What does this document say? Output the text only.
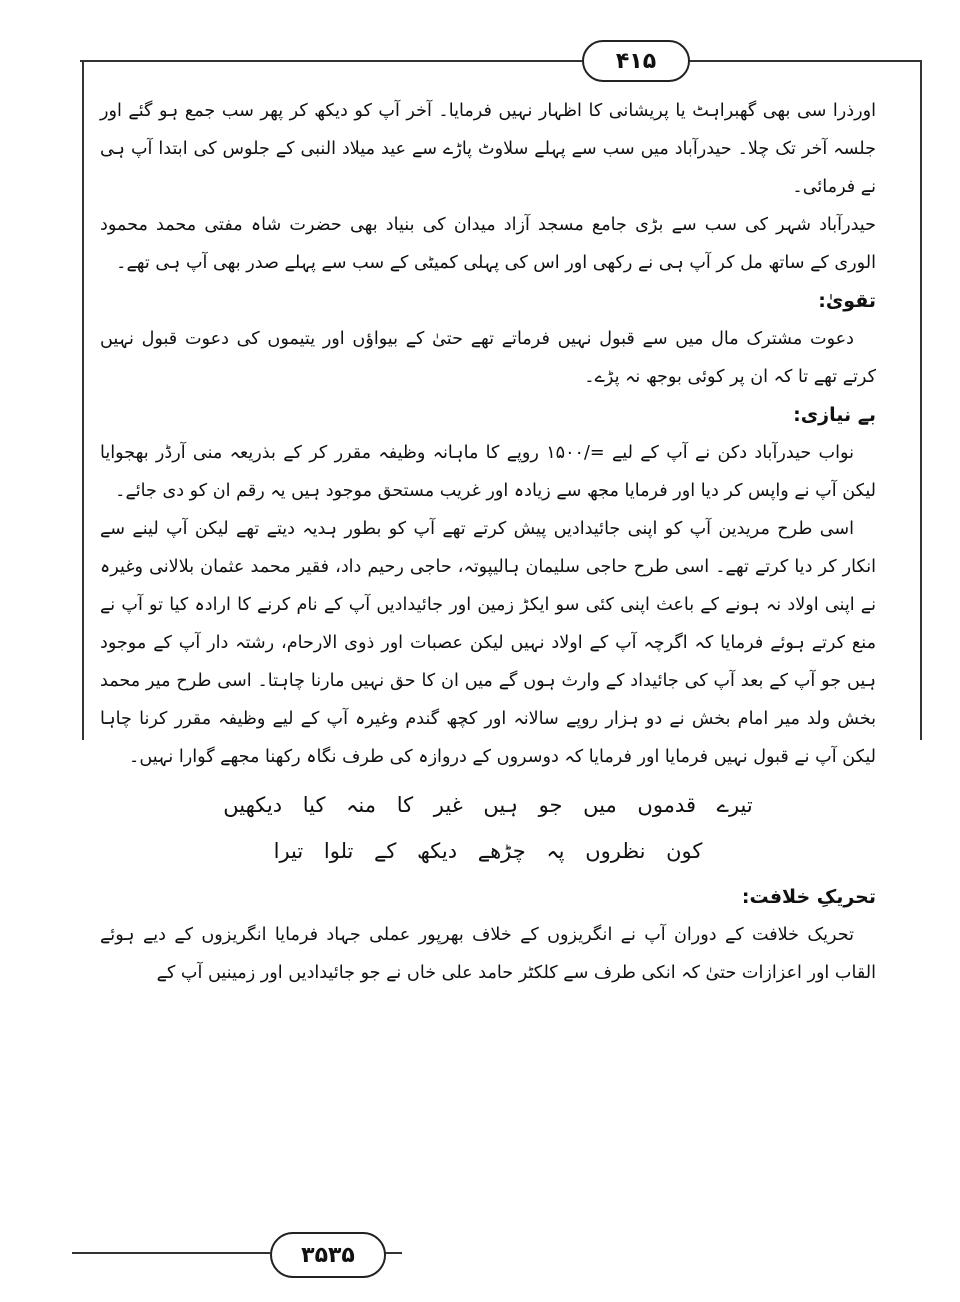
۴۱۵

اورذرا سی بھی گھبراہٹ یا پریشانی کا اظہار نہیں فرمایا۔ آخر آپ کو دیکھ کر پھر سب جمع ہو گئے اور جلسہ آخر تک چلا۔ حیدرآباد میں سب سے پہلے سلاوٹ پاڑے سے عید میلاد النبی کے جلوس کی ابتدا آپ ہی نے فرمائی۔

حیدرآباد شہر کی سب سے بڑی جامع مسجد آزاد میدان کی بنیاد بھی حضرت شاہ مفتی محمد محمود الوری کے ساتھ مل کر آپ ہی نے رکھی اور اس کی پہلی کمیٹی کے سب سے پہلے صدر بھی آپ ہی تھے۔

تقویٰ:

دعوت مشترک مال میں سے قبول نہیں فرماتے تھے حتیٰ کے بیواؤں اور یتیموں کی دعوت قبول نہیں کرتے تھے تا کہ ان پر کوئی بوجھ نہ پڑے۔

بے نیازی:

نواب حیدرآباد دکن نے آپ کے لیے =/۱۵۰۰ روپے کا ماہانہ وظیفہ مقرر کر کے بذریعہ منی آرڈر بھجوایا لیکن آپ نے واپس کر دیا اور فرمایا مجھ سے زیادہ اور غریب مستحق موجود ہیں یہ رقم ان کو دی جائے۔

اسی طرح مریدین آپ کو اپنی جائیدادیں پیش کرتے تھے آپ کو بطور ہدیہ دیتے تھے لیکن آپ لینے سے انکار کر دیا کرتے تھے۔ اسی طرح حاجی سلیمان ہالیپوتہ، حاجی رحیم داد، فقیر محمد عثمان بلالانی وغیرہ نے اپنی اولاد نہ ہونے کے باعث اپنی کئی سو ایکڑ زمین اور جائیدادیں آپ کے نام کرنے کا ارادہ کیا تو آپ نے منع کرتے ہوئے فرمایا کہ اگرچہ آپ کے اولاد نہیں لیکن عصبات اور ذوی الارحام، رشتہ دار آپ کے موجود ہیں جو آپ کے بعد آپ کی جائیداد کے وارث ہوں گے میں ان کا حق نہیں مارنا چاہتا۔ اسی طرح میر محمد بخش ولد میر امام بخش نے دو ہزار روپے سالانہ اور کچھ گندم وغیرہ آپ کے لیے وظیفہ مقرر کرنا چاہا لیکن آپ نے قبول نہیں فرمایا اور فرمایا کہ دوسروں کے دروازہ کی طرف نگاہ رکھنا مجھے گوارا نہیں۔

تیرے قدموں میں جو ہیں غیر کا منہ کیا دیکھیں
کون نظروں پہ چڑھے دیکھ کے تلوا تیرا

تحریکِ خلافت:

تحریک خلافت کے دوران آپ نے انگریزوں کے خلاف بھرپور عملی جہاد فرمایا انگریزوں کے دیے ہوئے القاب اور اعزازات حتیٰ کہ انکی طرف سے کلکٹر حامد علی خاں نے جو جائیدادیں اور زمینیں آپ کے

۳۵۳۵
